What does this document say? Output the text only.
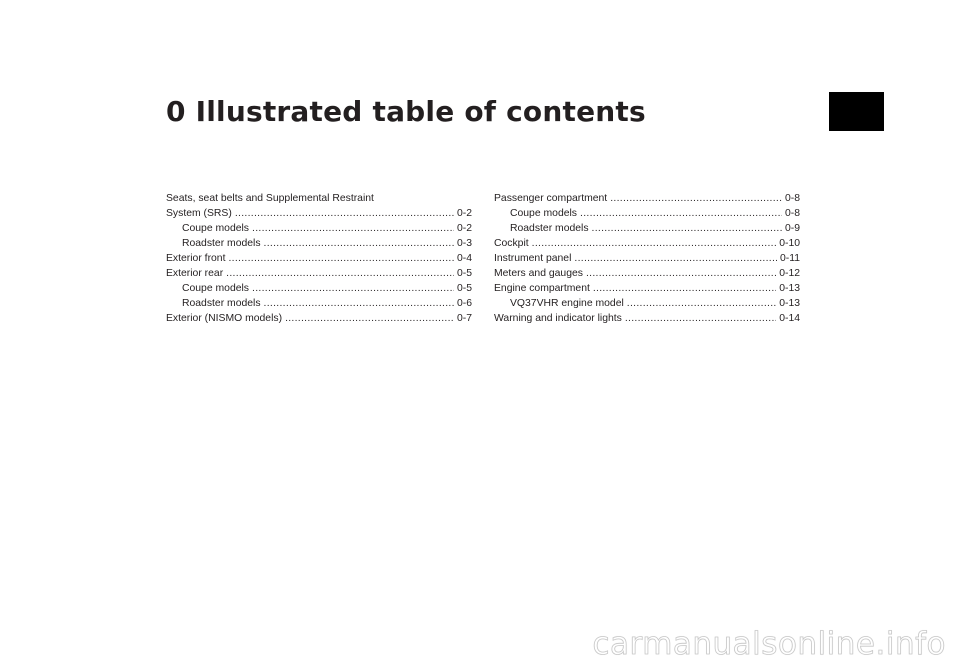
0 Illustrated table of contents
Seats, seat belts and Supplemental Restraint
System (SRS) .....	0-2
Coupe models .....	0-2
Roadster models .....	0-3
Exterior front .....	0-4
Exterior rear .....	0-5
Coupe models .....	0-5
Roadster models .....	0-6
Exterior (NISMO models) .....	0-7
Passenger compartment .....	0-8
Coupe models .....	0-8
Roadster models .....	0-9
Cockpit .....	0-10
Instrument panel .....	0-11
Meters and gauges .....	0-12
Engine compartment .....	0-13
VQ37VHR engine model .....	0-13
Warning and indicator lights .....	0-14
carmanualsonline.info
